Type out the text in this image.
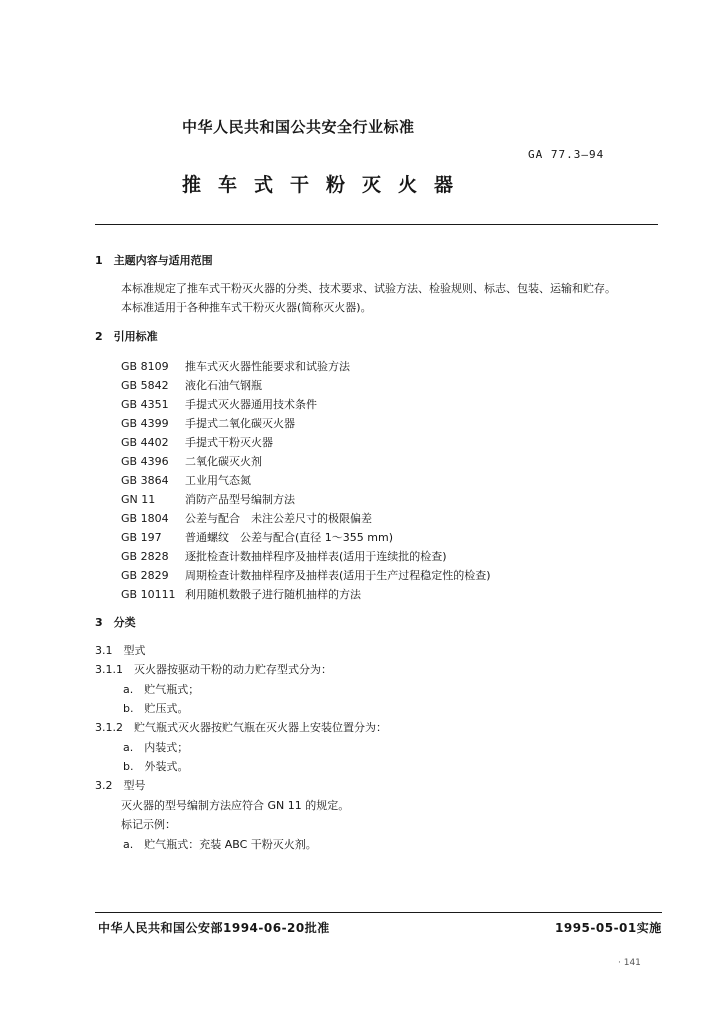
中华人民共和国公共安全行业标准
GA 77.3—94
推车式干粉灭火器
1　主题内容与适用范围
本标准规定了推车式干粉灭火器的分类、技术要求、试验方法、检验规则、标志、包装、运输和贮存。
本标准适用于各种推车式干粉灭火器(简称灭火器)。
2　引用标准
GB 8109 推车式灭火器性能要求和试验方法
GB 5842 液化石油气钢瓶
GB 4351 手提式灭火器通用技术条件
GB 4399 手提式二氧化碳灭火器
GB 4402 手提式干粉灭火器
GB 4396 二氧化碳灭火剂
GB 3864 工业用气态氮
GN 11	消防产品型号编制方法
GB 1804 公差与配合　未注公差尺寸的极限偏差
GB 197 普通螺纹　公差与配合(直径 1～355 mm)
GB 2828 逐批检查计数抽样程序及抽样表(适用于连续批的检查)
GB 2829 周期检查计数抽样程序及抽样表(适用于生产过程稳定性的检查)
GB 10111 利用随机数骰子进行随机抽样的方法
3　分类
3.1　型式
3.1.1　灭火器按驱动干粉的动力贮存型式分为：
a.　贮气瓶式；
b.　贮压式。
3.1.2　贮气瓶式灭火器按贮气瓶在灭火器上安装位置分为：
a.　内装式；
b.　外装式。
3.2　型号
灭火器的型号编制方法应符合 GN 11 的规定。
标记示例：
a.　贮气瓶式：充装 ABC 干粉灭火剂。
中华人民共和国公安部1994-06-20批准	1995-05-01实施
· 141
